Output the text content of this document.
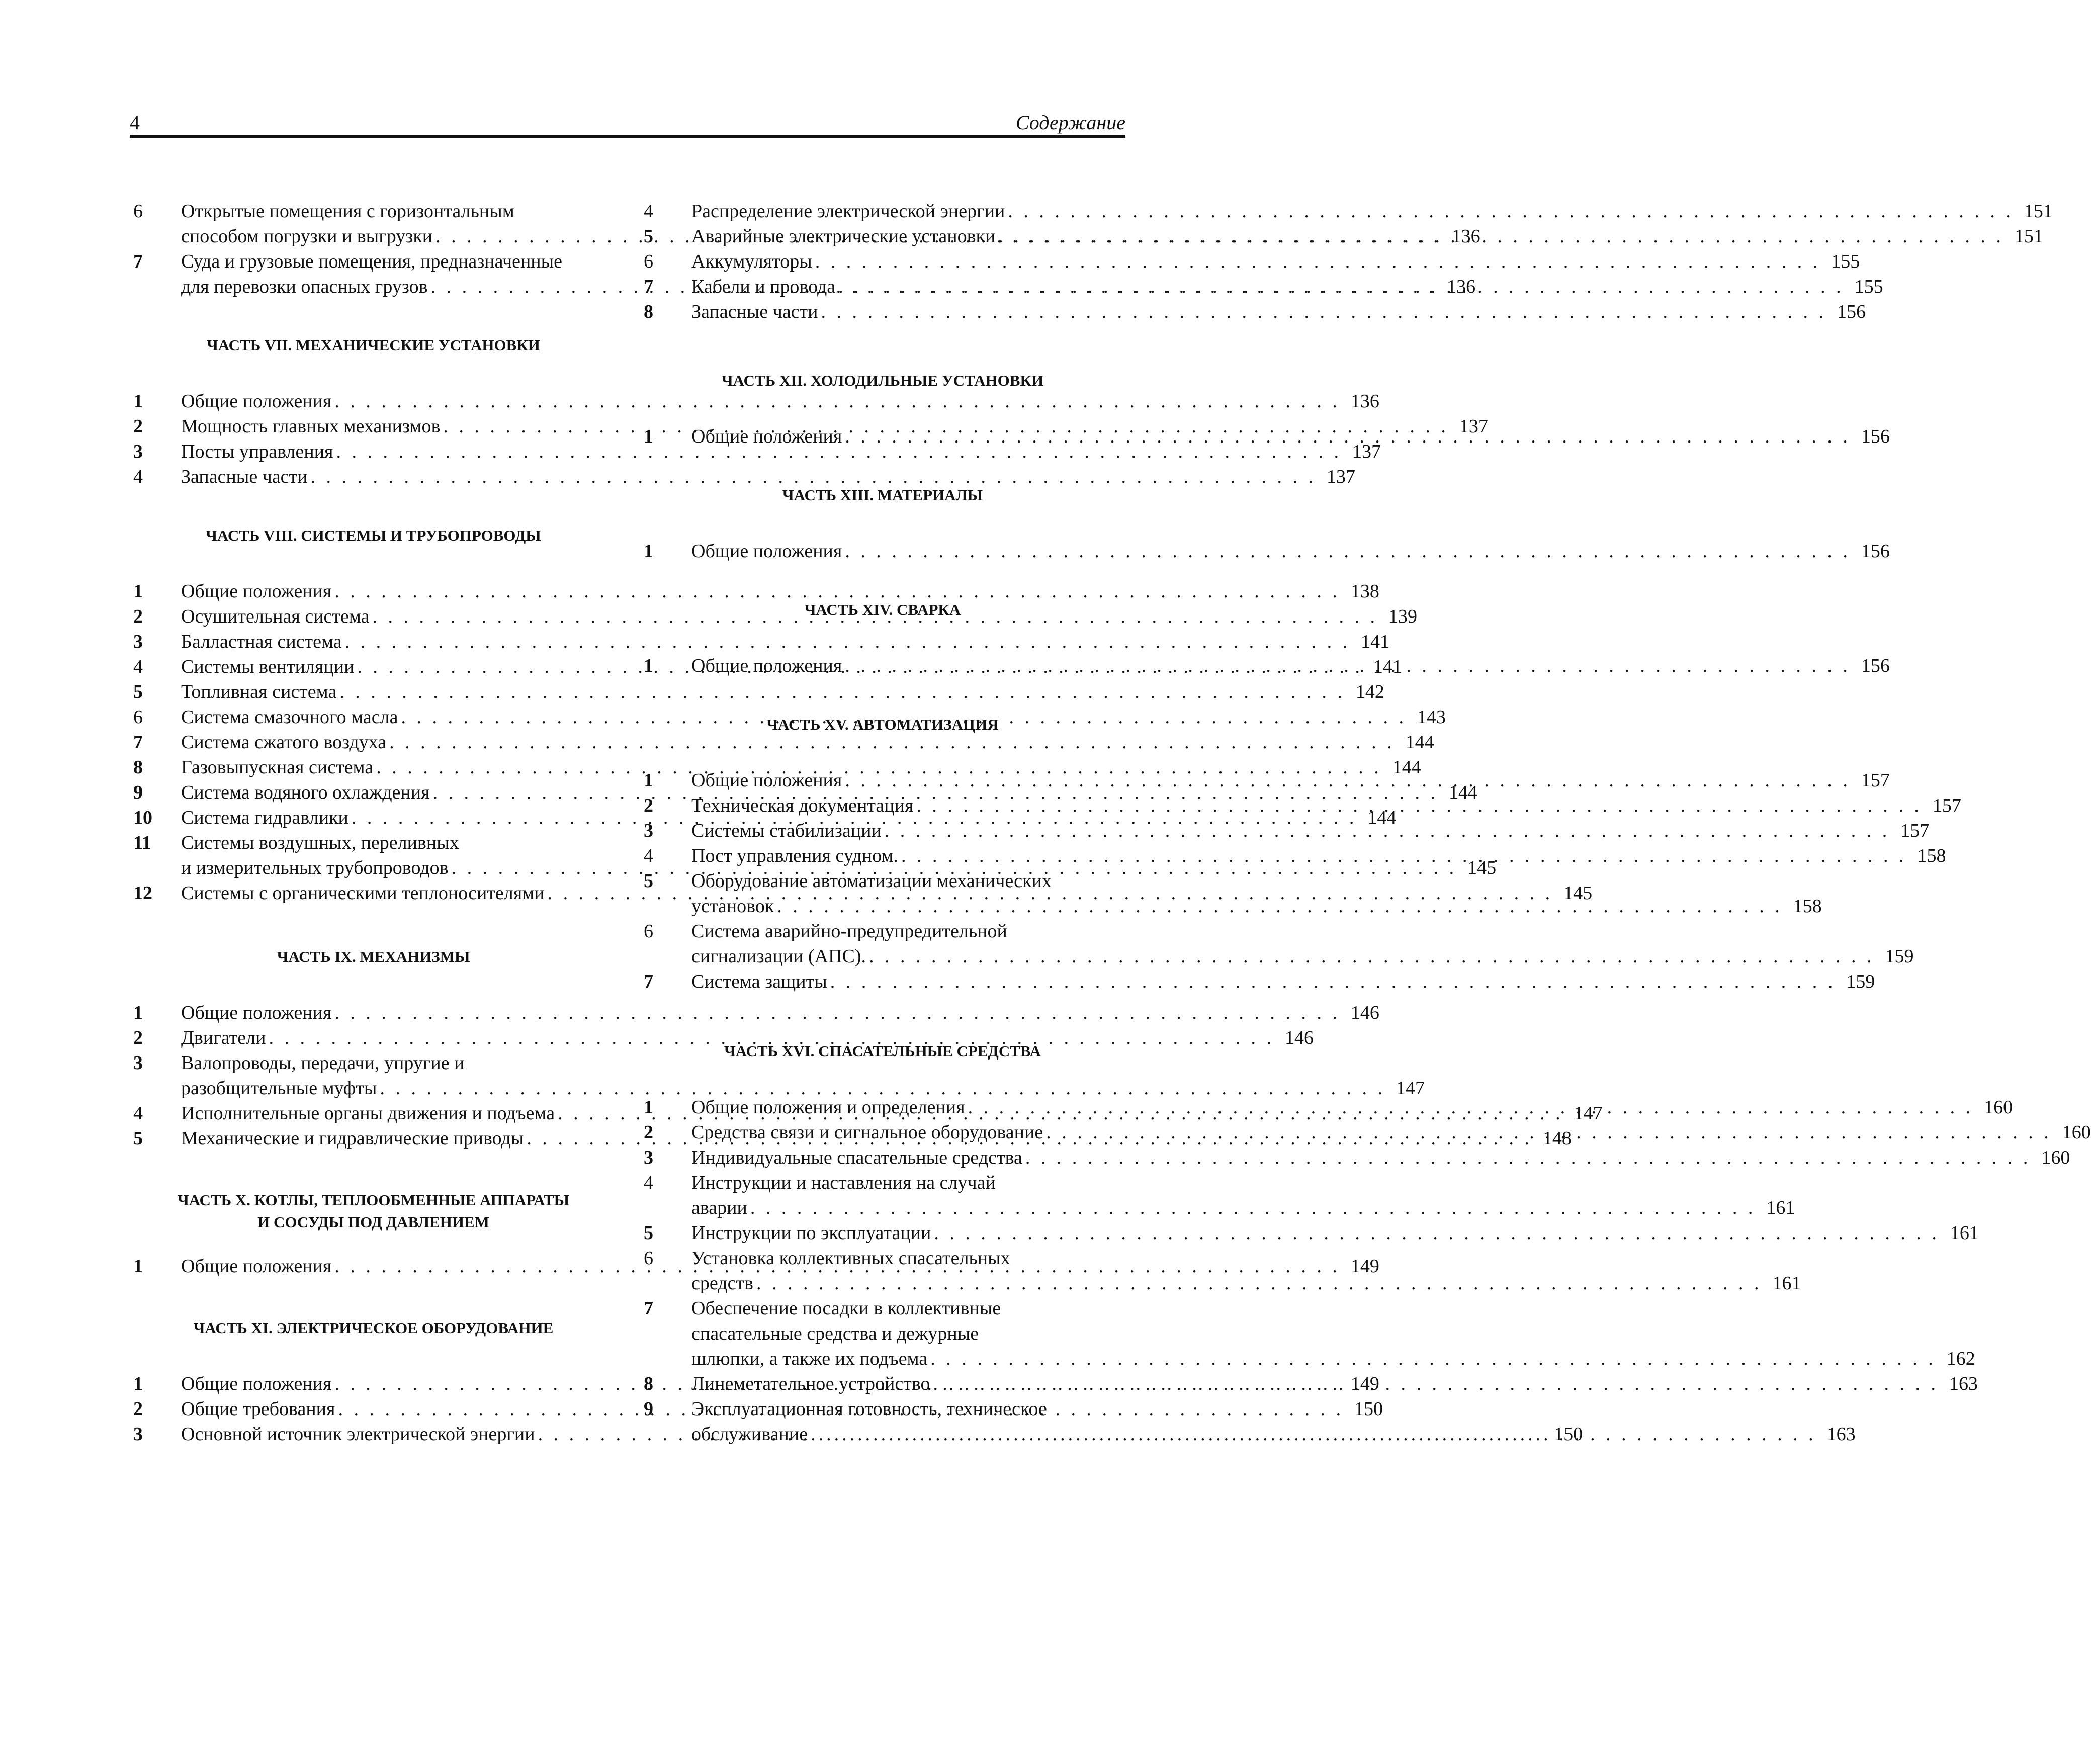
4	Содержание
6	Открытые помещения с горизонтальным
способом погрузки и выгрузки . . .	136
7	Суда и грузовые помещения, предназначенные
для перевозки опасных грузов . . .	136
ЧАСТЬ VII. МЕХАНИЧЕСКИЕ УСТАНОВКИ
1	Общие положения . . .	136
2	Мощность главных механизмов . . .	137
3	Посты управления . . .	137
4	Запасные части . . .	137
ЧАСТЬ VIII. СИСТЕМЫ И ТРУБОПРОВОДЫ
1	Общие положения . . .	138
2	Осушительная система . . .	139
3	Балластная система . . .	141
4	Системы вентиляции . . .	141
5	Топливная система . . .	142
6	Система смазочного масла . . .	143
7	Система сжатого воздуха . . .	144
8	Газовыпускная система . . .	144
9	Система водяного охлаждения . . .	144
10	Система гидравлики . . .	144
11	Системы воздушных, переливных
и измерительных трубопроводов . . .	145
12	Системы с органическими теплоносителями . . .	145
ЧАСТЬ IX. МЕХАНИЗМЫ
1	Общие положения . . .	146
2	Двигатели . . .	146
3	Валопроводы, передачи, упругие и
разобщительные муфты . . .	147
4	Исполнительные органы движения и подъема . . .	147
5	Механические и гидравлические приводы . . .	148
ЧАСТЬ X. КОТЛЫ, ТЕПЛООБМЕННЫЕ АППАРАТЫ
И СОСУДЫ ПОД ДАВЛЕНИЕМ
1	Общие положения . . .	149
ЧАСТЬ XI. ЭЛЕКТРИЧЕСКОЕ ОБОРУДОВАНИЕ
1	Общие положения . . .	149
2	Общие требования . . .	150
3	Основной источник электрической энергии . . .	150
4	Распределение электрической энергии . . .	151
5	Аварийные электрические установки . . .	151
6	Аккумуляторы . . .	155
7	Кабели и провода . . .	155
8	Запасные части . . .	156
ЧАСТЬ XII. ХОЛОДИЛЬНЫЕ УСТАНОВКИ
1	Общие положения . . .	156
ЧАСТЬ XIII. МАТЕРИАЛЫ
1	Общие положения . . .	156
ЧАСТЬ XIV. СВАРКА
1	Общие положения . . .	156
ЧАСТЬ XV. АВТОМАТИЗАЦИЯ
1	Общие положения . . .	157
2	Техническая документация . . .	157
3	Системы стабилизации . . .	157
4	Пост управления судном. . . .	158
5	Оборудование автоматизации механических
установок . . .	158
6	Система аварийно-предупредительной
сигнализации (АПС). . . .	159
7	Система защиты . . .	159
ЧАСТЬ XVI. СПАСАТЕЛЬНЫЕ СРЕДСТВА
1	Общие положения и определения . . .	160
2	Средства связи и сигнальное оборудование . . .	160
3	Индивидуальные спасательные средства . . .	160
4	Инструкции и наставления на случай
аварии . . .	161
5	Инструкции по эксплуатации . . .	161
6	Установка коллективных спасательных
средств . . .	161
7	Обеспечение посадки в коллективные
спасательные средства и дежурные
шлюпки, а также их подъема . . .	162
8	Линеметательное устройство . . .	163
9	Эксплуатационная готовность, техническое
обслуживание . . .	163
